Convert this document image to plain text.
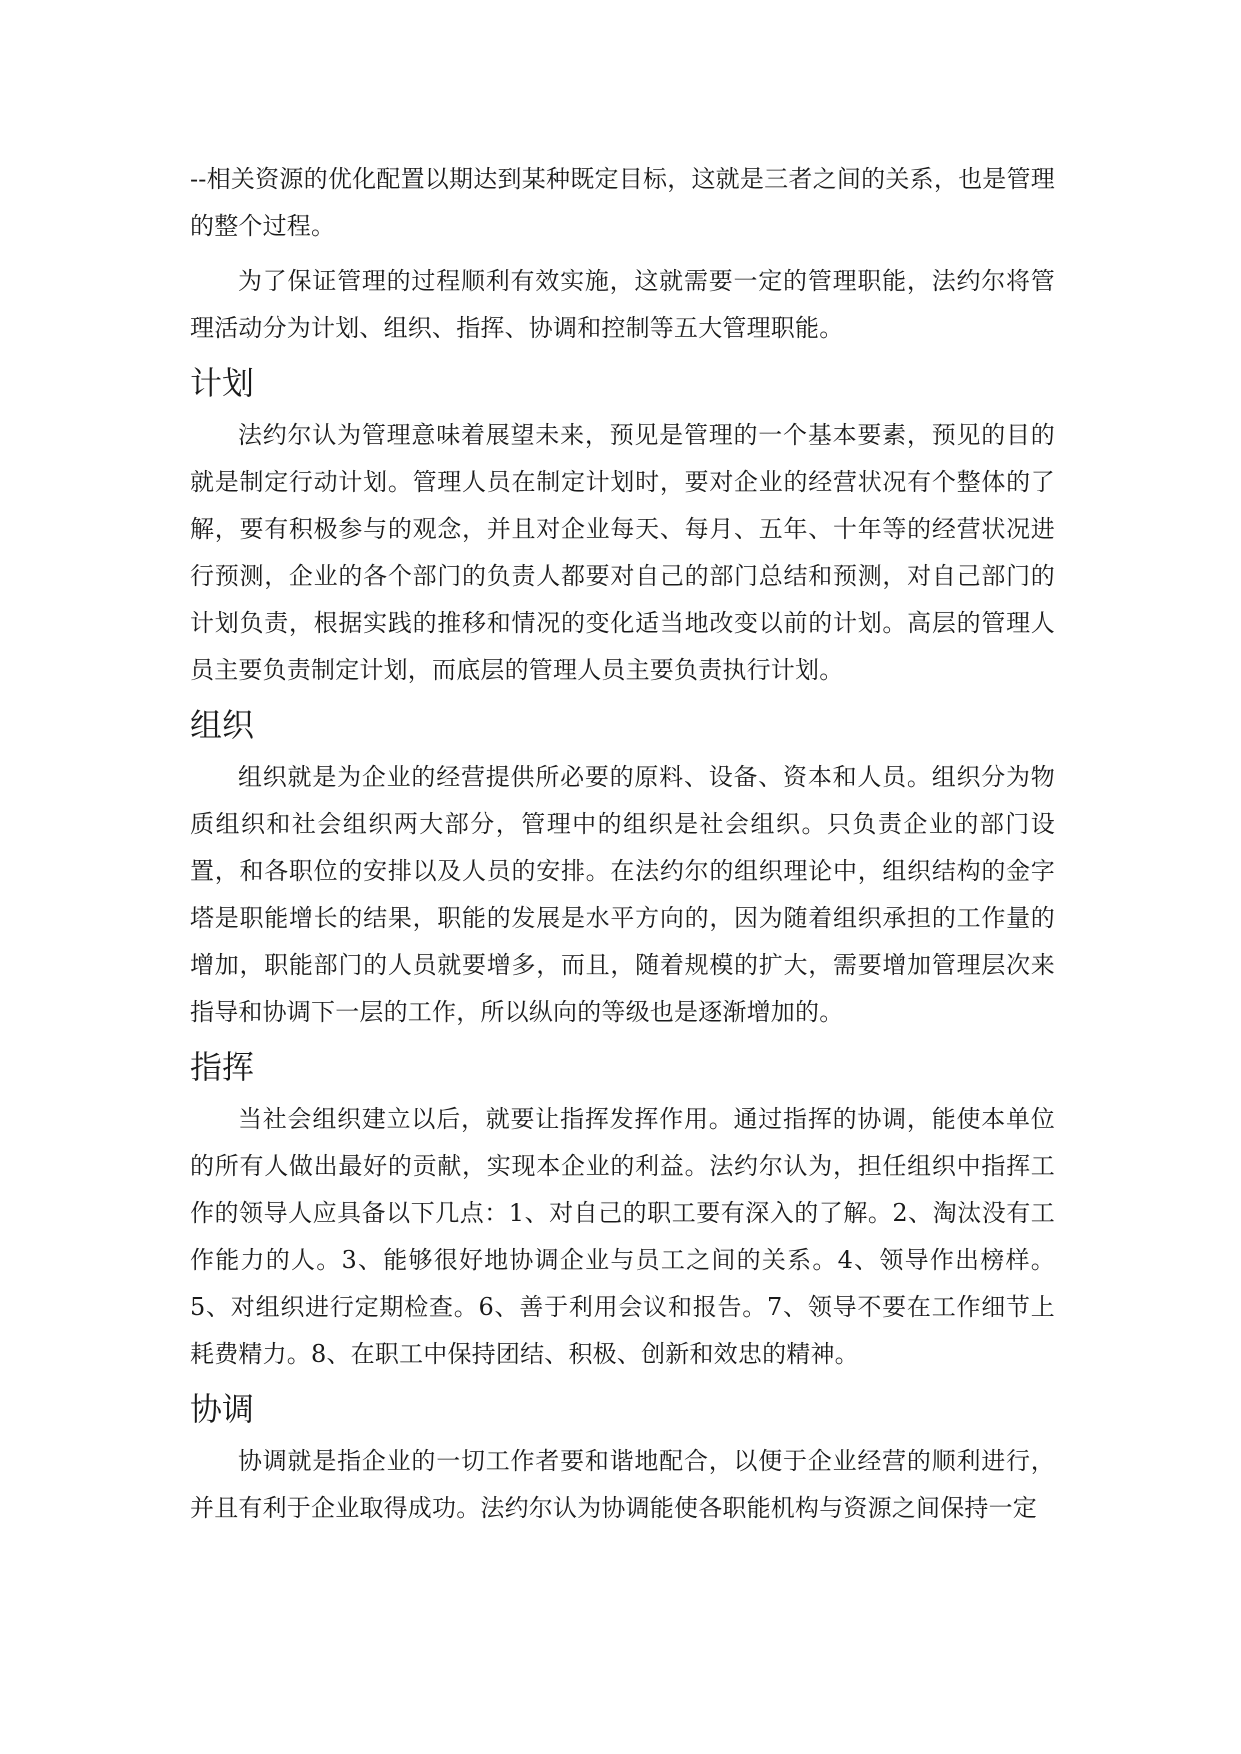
--相关资源的优化配置以期达到某种既定目标，这就是三者之间的关系，也是管理的整个过程。

为了保证管理的过程顺利有效实施，这就需要一定的管理职能，法约尔将管理活动分为计划、组织、指挥、协调和控制等五大管理职能。

计划

法约尔认为管理意味着展望未来，预见是管理的一个基本要素，预见的目的就是制定行动计划。管理人员在制定计划时，要对企业的经营状况有个整体的了解，要有积极参与的观念，并且对企业每天、每月、五年、十年等的经营状况进行预测，企业的各个部门的负责人都要对自己的部门总结和预测，对自己部门的计划负责，根据实践的推移和情况的变化适当地改变以前的计划。高层的管理人员主要负责制定计划，而底层的管理人员主要负责执行计划。

组织

组织就是为企业的经营提供所必要的原料、设备、资本和人员。组织分为物质组织和社会组织两大部分，管理中的组织是社会组织。只负责企业的部门设置，和各职位的安排以及人员的安排。在法约尔的组织理论中，组织结构的金字塔是职能增长的结果，职能的发展是水平方向的，因为随着组织承担的工作量的增加，职能部门的人员就要增多，而且，随着规模的扩大，需要增加管理层次来指导和协调下一层的工作，所以纵向的等级也是逐渐增加的。

指挥

当社会组织建立以后，就要让指挥发挥作用。通过指挥的协调，能使本单位的所有人做出最好的贡献，实现本企业的利益。法约尔认为，担任组织中指挥工作的领导人应具备以下几点：1、对自己的职工要有深入的了解。2、淘汰没有工作能力的人。3、能够很好地协调企业与员工之间的关系。4、领导作出榜样。5、对组织进行定期检查。6、善于利用会议和报告。7、领导不要在工作细节上耗费精力。8、在职工中保持团结、积极、创新和效忠的精神。

协调

协调就是指企业的一切工作者要和谐地配合，以便于企业经营的顺利进行，并且有利于企业取得成功。法约尔认为协调能使各职能机构与资源之间保持一定
